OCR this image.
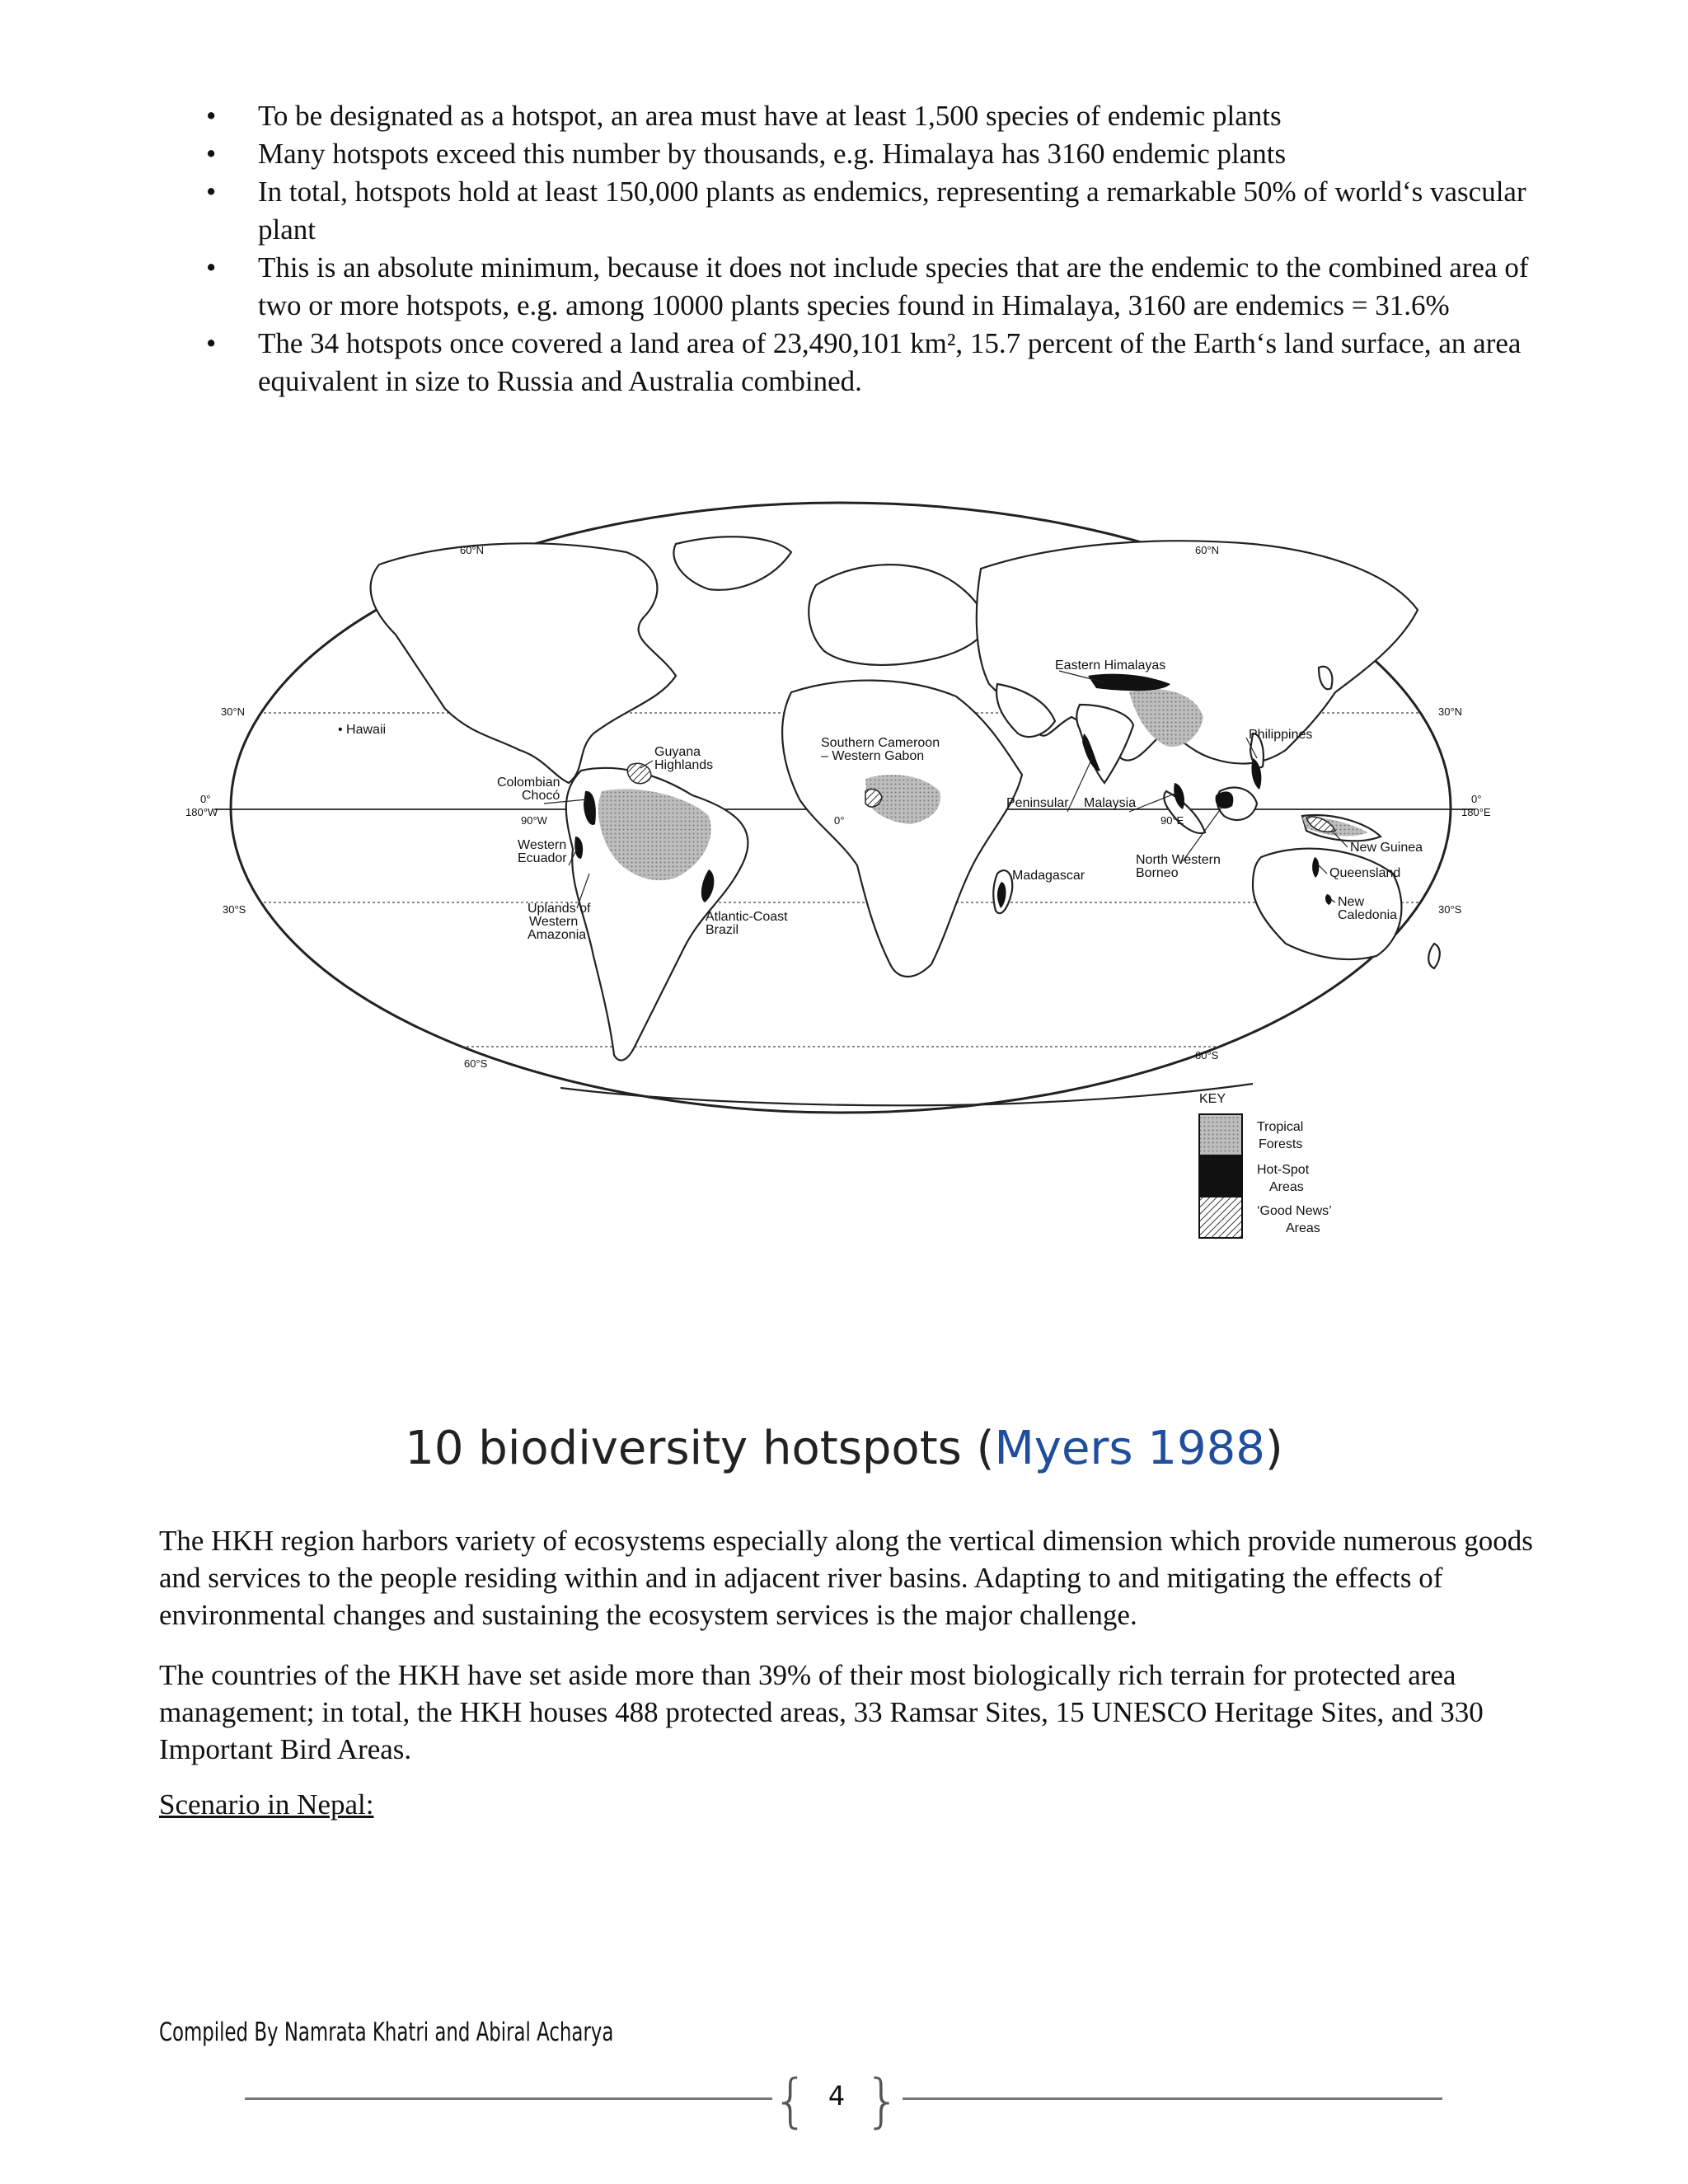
• To be designated as a hotspot, an area must have at least 1,500 species of endemic plants
• Many hotspots exceed this number by thousands, e.g. Himalaya has 3160 endemic plants
• In total, hotspots hold at least 150,000 plants as endemics, representing a remarkable 50% of world‘s vascular plant
• This is an absolute minimum, because it does not include species that are the endemic to the combined area of two or more hotspots, e.g. among 10000 plants species found in Himalaya, 3160 are endemics = 31.6%
• The 34 hotspots once covered a land area of 23,490,101 km², 15.7 percent of the Earth‘s land surface, an area equivalent in size to Russia and Australia combined.
60°N	60°N
30°N	30°N
0°
180°W
0°
180°E
30°S	30°S
60°S
60°S
90°W	0°	90°E
• Hawaii
Guyana
Highlands
Colombian
Chocó
Western
Ecuador
Uplands of
Western
Amazonia
Atlantic-Coast
Brazil
Southern Cameroon
– Western Gabon
Eastern Himalayas
Peninsular Malaysia
Philippines
Madagascar
North Western
Borneo
New Guinea
Queensland
New
Caledonia
KEY
Tropical
Forests
Hot-Spot
Areas
‘Good News’
Areas
10 biodiversity hotspots (Myers 1988)

The HKH region harbors variety of ecosystems especially along the vertical dimension which provide numerous goods and services to the people residing within and in adjacent river basins. Adapting to and mitigating the effects of environmental changes and sustaining the ecosystem services is the major challenge.

The countries of the HKH have set aside more than 39% of their most biologically rich terrain for protected area management; in total, the HKH houses 488 protected areas, 33 Ramsar Sites, 15 UNESCO Heritage Sites, and 330 Important Bird Areas.

Scenario in Nepal:
Compiled By Namrata Khatri and Abiral Acharya
{ 4 }
